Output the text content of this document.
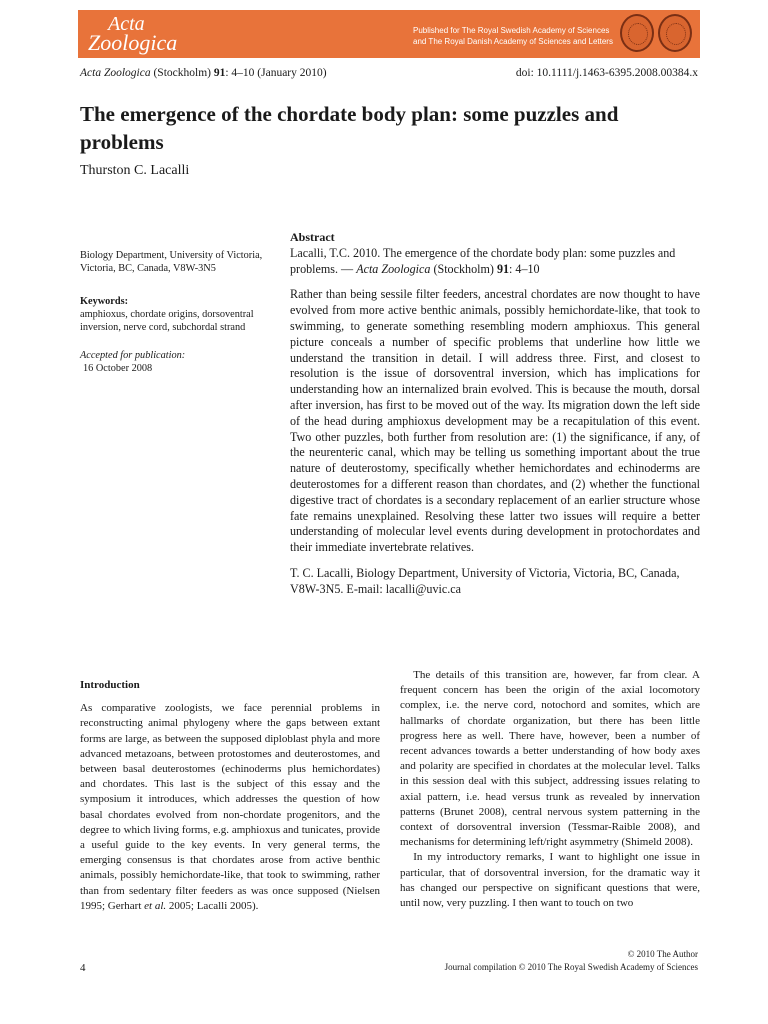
Acta
Zoologica	Published for The Royal Swedish Academy of Sciences
and The Royal Danish Academy of Sciences and Letters
Acta Zoologica (Stockholm) 91: 4–10 (January 2010)	doi: 10.1111/j.1463-6395.2008.00384.x
The emergence of the chordate body plan: some puzzles and problems
Thurston C. Lacalli
Biology Department, University of Victoria, Victoria, BC, Canada, V8W-3N5
Keywords:
amphioxus, chordate origins, dorsoventral inversion, nerve cord, subchordal strand
Accepted for publication:
16 October 2008
Abstract
Lacalli, T.C. 2010. The emergence of the chordate body plan: some puzzles and problems. — Acta Zoologica (Stockholm) 91: 4–10
Rather than being sessile filter feeders, ancestral chordates are now thought to have evolved from more active benthic animals, possibly hemichordate-like, that took to swimming, to generate something resembling modern amphioxus. This general picture conceals a number of specific problems that underline how little we understand the transition in detail. I will address three. First, and closest to resolution is the issue of dorsoventral inversion, which has implications for understanding how an internalized brain evolved. This is because the mouth, dorsal after inversion, has first to be moved out of the way. Its migration down the left side of the head during amphioxus development may be a recapitulation of this event. Two other puzzles, both further from resolution are: (1) the significance, if any, of the neurenteric canal, which may be telling us something important about the true nature of deuterostomy, specifically whether hemichordates and echinoderms are deuterostomes for a different reason than chordates, and (2) whether the functional digestive tract of chordates is a secondary replacement of an earlier structure whose fate remains unexplained. Resolving these latter two issues will require a better understanding of molecular level events during development in protochordates and their immediate invertebrate relatives.
T. C. Lacalli, Biology Department, University of Victoria, Victoria, BC, Canada, V8W-3N5. E-mail: lacalli@uvic.ca
Introduction

As comparative zoologists, we face perennial problems in reconstructing animal phylogeny where the gaps between extant forms are large, as between the supposed diploblast phyla and more advanced metazoans, between protostomes and deuterostomes, and between basal deuterostomes (echinoderms plus hemichordates) and chordates. This last is the subject of this essay and the symposium it introduces, which addresses the question of how basal chordates evolved from non-chordate progenitors, and the degree to which living forms, e.g. amphioxus and tunicates, provide a useful guide to the key events. In very general terms, the emerging consensus is that chordates arose from active benthic animals, possibly hemichordate-like, that took to swimming, rather than from sedentary filter feeders as was once supposed (Nielsen 1995; Gerhart et al. 2005; Lacalli 2005).

The details of this transition are, however, far from clear. A frequent concern has been the origin of the axial locomotory complex, i.e. the nerve cord, notochord and somites, which are hallmarks of chordate organization, but there has been little progress here as well. There have, however, been a number of recent advances towards a better understanding of how body axes and polarity are specified in chordates at the molecular level. Talks in this session deal with this subject, addressing issues relating to axial pattern, i.e. head versus trunk as revealed by innervation patterns (Brunet 2008), central nervous system patterning in the context of dorsoventral inversion (Tessmar-Raible 2008), and mechanisms for determining left/right asymmetry (Shimeld 2008).

In my introductory remarks, I want to highlight one issue in particular, that of dorsoventral inversion, for the dramatic way it has changed our perspective on significant questions that were, until now, very puzzling. I then want to touch on two

4
© 2010 The Author
Journal compilation © 2010 The Royal Swedish Academy of Sciences
